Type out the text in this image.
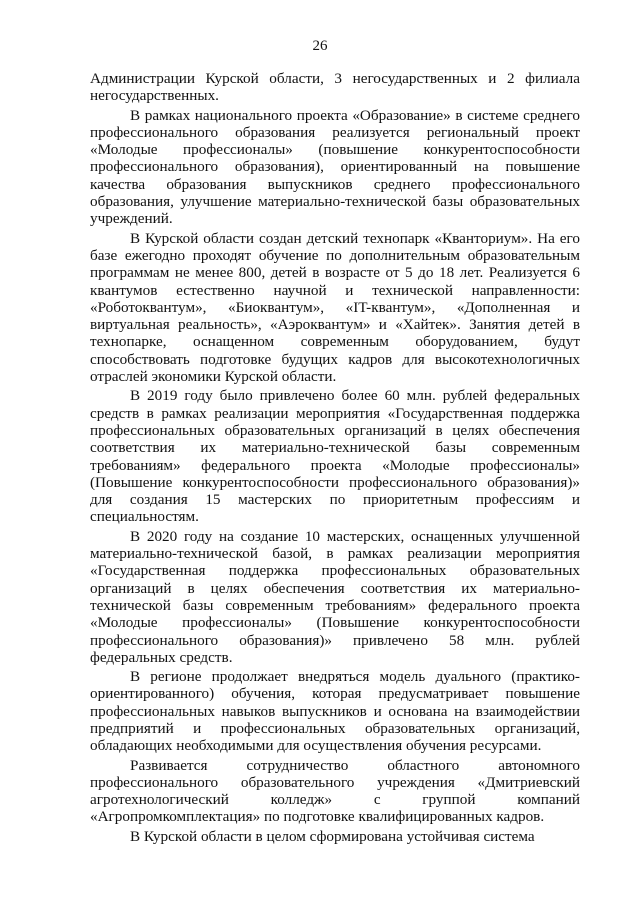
26

Администрации Курской области, 3 негосударственных и 2 филиала негосударственных.

В рамках национального проекта «Образование» в системе среднего профессионального образования реализуется региональный проект «Молодые профессионалы» (повышение конкурентоспособности профессионального образования), ориентированный на повышение качества образования выпускников среднего профессионального образования, улучшение материально-технической базы образовательных учреждений.

В Курской области создан детский технопарк «Кванториум». На его базе ежегодно проходят обучение по дополнительным образовательным программам не менее 800, детей в возрасте от 5 до 18 лет. Реализуется 6 квантумов естественно научной и технической направленности: «Роботоквантум», «Биоквантум», «IT-квантум», «Дополненная и виртуальная реальность», «Аэроквантум» и «Хайтек». Занятия детей в технопарке, оснащенном современным оборудованием, будут способствовать подготовке будущих кадров для высокотехнологичных отраслей экономики Курской области.

В 2019 году было привлечено более 60 млн. рублей федеральных средств в рамках реализации мероприятия «Государственная поддержка профессиональных образовательных организаций в целях обеспечения соответствия их материально-технической базы современным требованиям» федерального проекта «Молодые профессионалы» (Повышение конкурентоспособности профессионального образования)» для создания 15 мастерских по приоритетным профессиям и специальностям.

В 2020 году на создание 10 мастерских, оснащенных улучшенной материально-технической базой, в рамках реализации мероприятия «Государственная поддержка профессиональных образовательных организаций в целях обеспечения соответствия их материально-технической базы современным требованиям» федерального проекта «Молодые профессионалы» (Повышение конкурентоспособности профессионального образования)» привлечено 58 млн. рублей федеральных средств.

В регионе продолжает внедряться модель дуального (практико-ориентированного) обучения, которая предусматривает повышение профессиональных навыков выпускников и основана на взаимодействии предприятий и профессиональных образовательных организаций, обладающих необходимыми для осуществления обучения ресурсами.

Развивается сотрудничество областного автономного профессионального образовательного учреждения «Дмитриевский агротехнологический колледж» с группой компаний «Агропромкомплектация» по подготовке квалифицированных кадров.

В Курской области в целом сформирована устойчивая система
